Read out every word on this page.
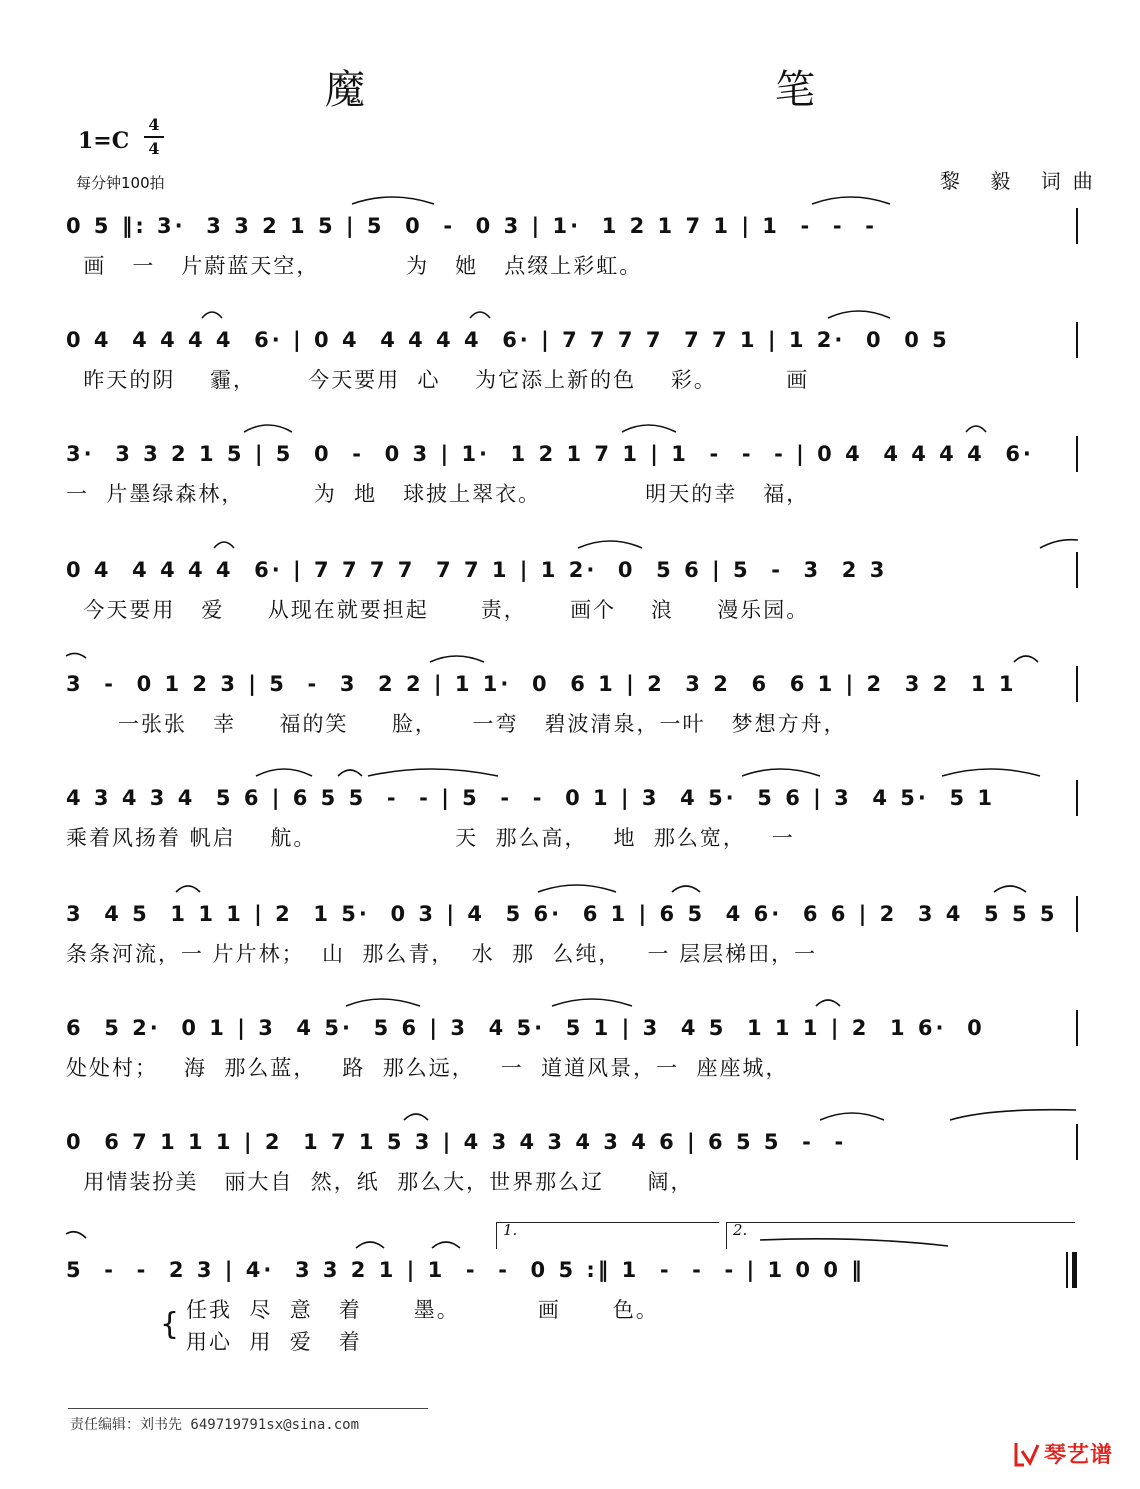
魔　　笔
1=C
4
4
每分钟100拍	黎 毅 词曲
0 5 ‖: 3·  3 3 2 1 5 | 5  0  -  0 3 | 1·  1 2 1 7 1 | 1  -  -  -
画   一   片蔚蓝天空，          为   她   点缀上彩虹。
0 4  4 4 4 4  6· | 0 4  4 4 4 4  6· | 7 7 7 7  7 7 1 | 1 2·  0  0 5
昨天的阴    霾，      今天要用  心    为它添上新的色    彩。        画
3·  3 3 2 1 5 | 5  0  -  0 3 | 1·  1 2 1 7 1 | 1  -  -  - | 0 4  4 4 4 4  6·
一  片墨绿森林，        为  地   球披上翠衣。            明天的幸   福，
0 4  4 4 4 4  6· | 7 7 7 7  7 7 1 | 1 2·  0  5 6 | 5  -  3  2 3
今天要用   爱     从现在就要担起      责，     画个    浪     漫乐园。
3  -  0 1 2 3 | 5  -  3  2 2 | 1 1·  0  6 1 | 2  3 2  6  6 1 | 2  3 2  1 1
一张张   幸     福的笑     脸，    一弯   碧波清泉，一叶   梦想方舟，
4 3 4 3 4  5 6 | 6 5 5  -  - | 5  -  -  0 1 | 3  4 5·  5 6 | 3  4 5·  5 1
乘着风扬着 帆启    航。                天  那么高，   地  那么宽，   一
3  4 5  1 1 1 | 2  1 5·  0 3 | 4  5 6·  6 1 | 6 5  4 6·  6 6 | 2  3 4  5 5 5
条条河流，一 片片林；  山  那么青，  水  那  么纯，   一 层层梯田，一
6  5 2·  0 1 | 3  4 5·  5 6 | 3  4 5·  5 1 | 3  4 5  1 1 1 | 2  1 6·  0
处处村；   海  那么蓝，   路  那么远，   一  道道风景，一  座座城，
0  6 7 1 1 1 | 2  1 7 1 5 3 | 4 3 4 3 4 3 4 6 | 6 5 5  -  -
用情装扮美   丽大自  然，纸  那么大，世界那么辽     阔，
1.	2.
5  -  -  2 3 | 4·  3 3 2 1 | 1  -  -  0 5 :‖ 1  -  -  - | 1 0 0 ‖
{ 任我  尽  意   着      墨。         画      色。
用心  用  爱   着
责任编辑：刘书先 649719791sx@sina.com
琴艺谱
